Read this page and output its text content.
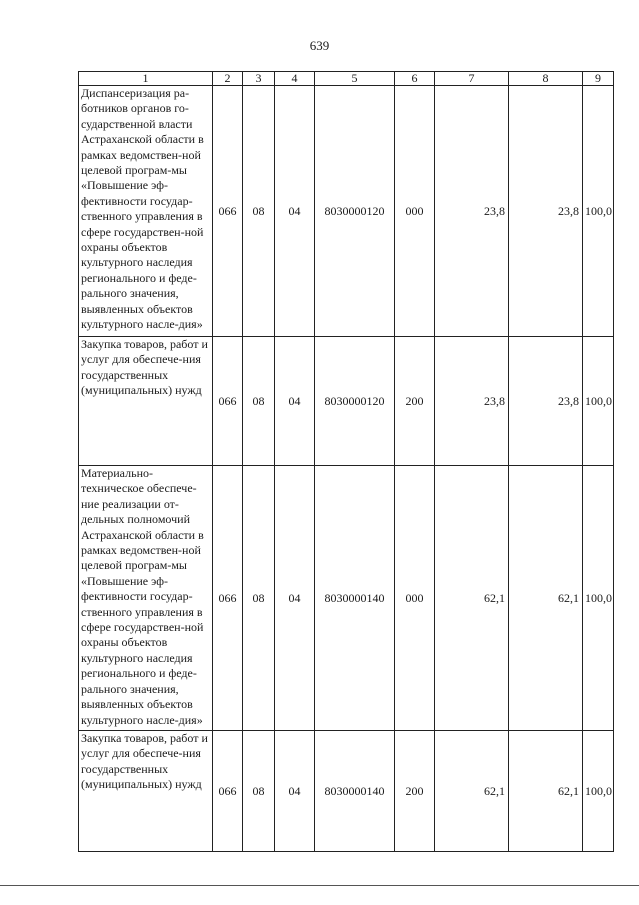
639
1	2	3	4	5	6	7	8	9
Диспансеризация ра-ботников органов го-сударственной власти Астраханской области в рамках ведомствен-ной целевой програм-мы «Повышение эф-фективности государ-ственного управления в сфере государствен-ной охраны объектов культурного наследия регионального и феде-рального значения, выявленных объектов культурного насле-дия»	066	08	04	8030000120	000	23,8	23,8	100,0
Закупка товаров, работ и услуг для обеспече-ния государственных (муниципальных) нужд	066	08	04	8030000120	200	23,8	23,8	100,0
Материально-техническое обеспече-ние реализации от-дельных полномочий Астраханской области в рамках ведомствен-ной целевой програм-мы «Повышение эф-фективности государ-ственного управления в сфере государствен-ной охраны объектов культурного наследия регионального и феде-рального значения, выявленных объектов культурного насле-дия»	066	08	04	8030000140	000	62,1	62,1	100,0
Закупка товаров, работ и услуг для обеспече-ния государственных (муниципальных) нужд	066	08	04	8030000140	200	62,1	62,1	100,0
